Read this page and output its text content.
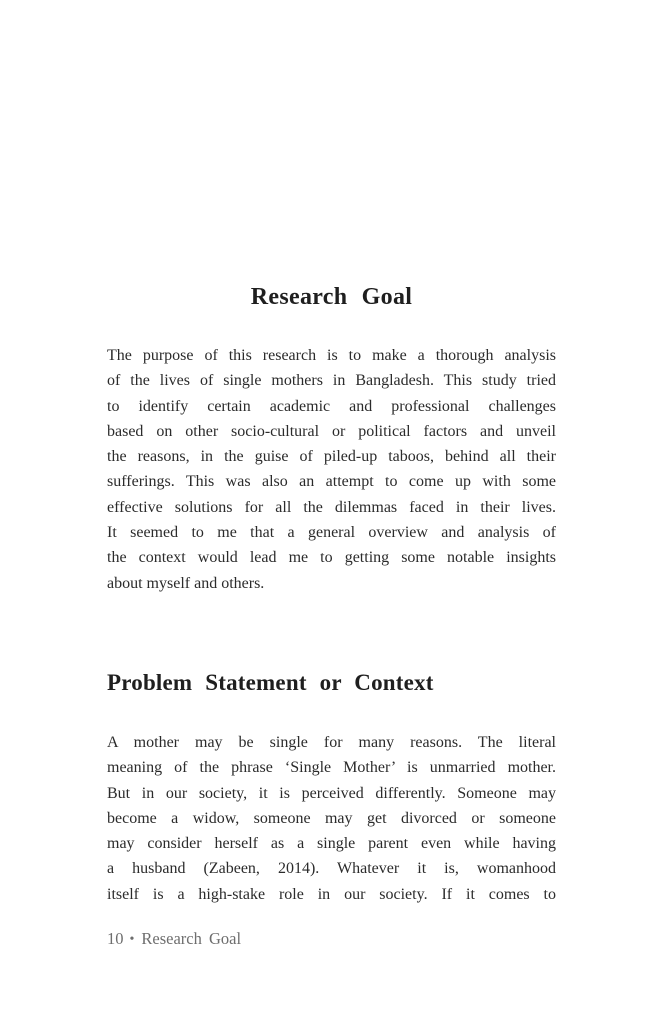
Research Goal
The purpose of this research is to make a thorough analysis
of the lives of single mothers in Bangladesh. This study tried
to identify certain academic and professional challenges
based on other socio-cultural or political factors and unveil
the reasons, in the guise of piled-up taboos, behind all their
sufferings. This was also an attempt to come up with some
effective solutions for all the dilemmas faced in their lives.
It seemed to me that a general overview and analysis of
the context would lead me to getting some notable insights
about myself and others.
Problem Statement or Context
A mother may be single for many reasons. The literal
meaning of the phrase ‘Single Mother’ is unmarried mother.
But in our society, it is perceived differently. Someone may
become a widow, someone may get divorced or someone
may consider herself as a single parent even while having
a husband (Zabeen, 2014). Whatever it is, womanhood
itself is a high-stake role in our society. If it comes to
10 • Research Goal
